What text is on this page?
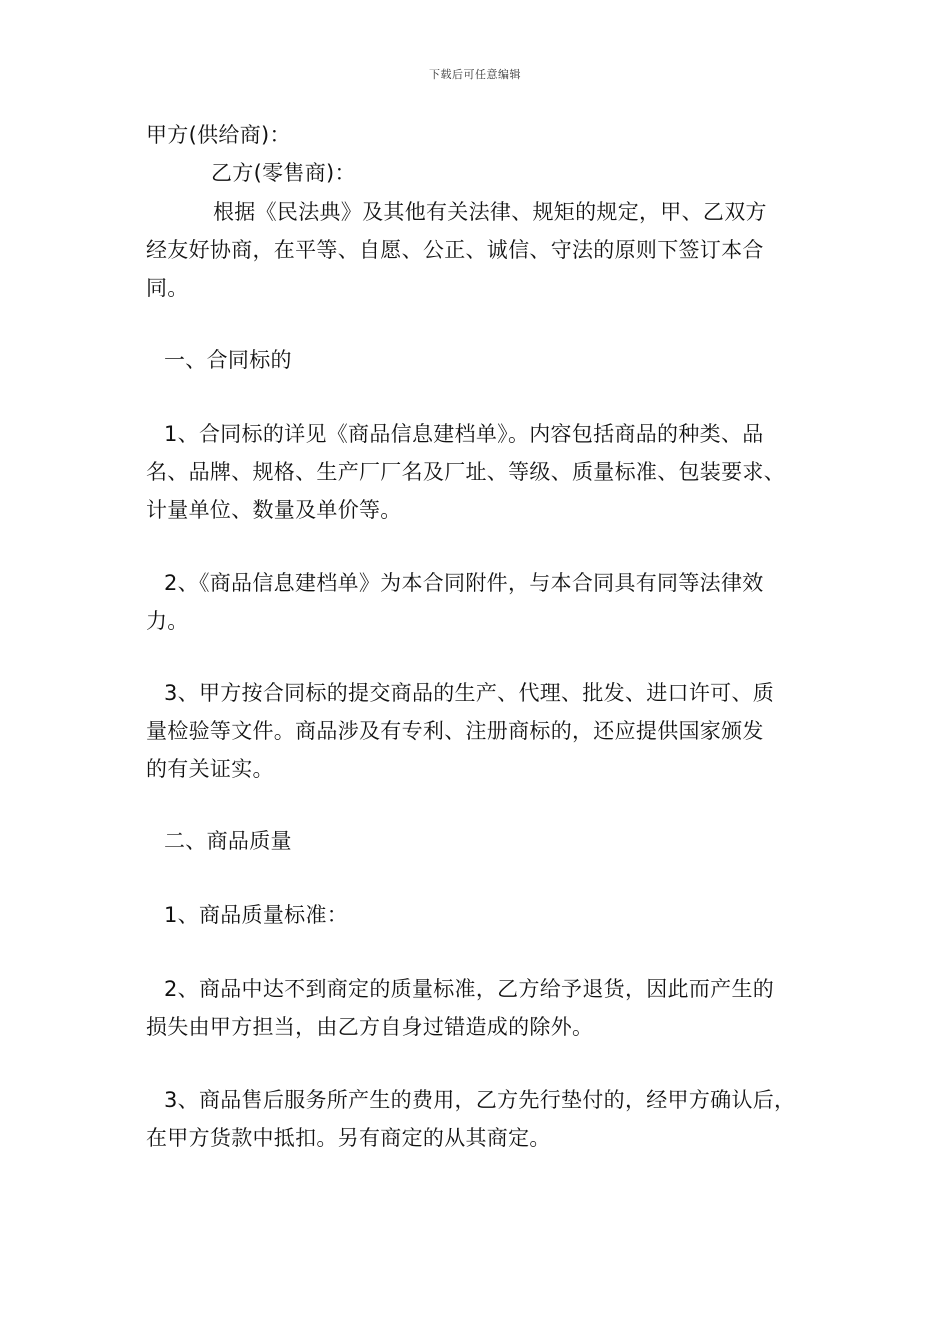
下载后可任意编辑
甲方(供给商)：
乙方(零售商)：
根据《民法典》及其他有关法律、规矩的规定，甲、乙双方
经友好协商，在平等、自愿、公正、诚信、守法的原则下签订本合
同。
一、合同标的
1、合同标的详见《商品信息建档单》。内容包括商品的种类、品
名、品牌、规格、生产厂厂名及厂址、等级、质量标准、包装要求、
计量单位、数量及单价等。
2、《商品信息建档单》为本合同附件，与本合同具有同等法律效
力。
3、甲方按合同标的提交商品的生产、代理、批发、进口许可、质
量检验等文件。商品涉及有专利、注册商标的，还应提供国家颁发
的有关证实。
二、商品质量
1、商品质量标准：
2、商品中达不到商定的质量标准，乙方给予退货，因此而产生的
损失由甲方担当，由乙方自身过错造成的除外。
3、商品售后服务所产生的费用，乙方先行垫付的，经甲方确认后，
在甲方货款中抵扣。另有商定的从其商定。
